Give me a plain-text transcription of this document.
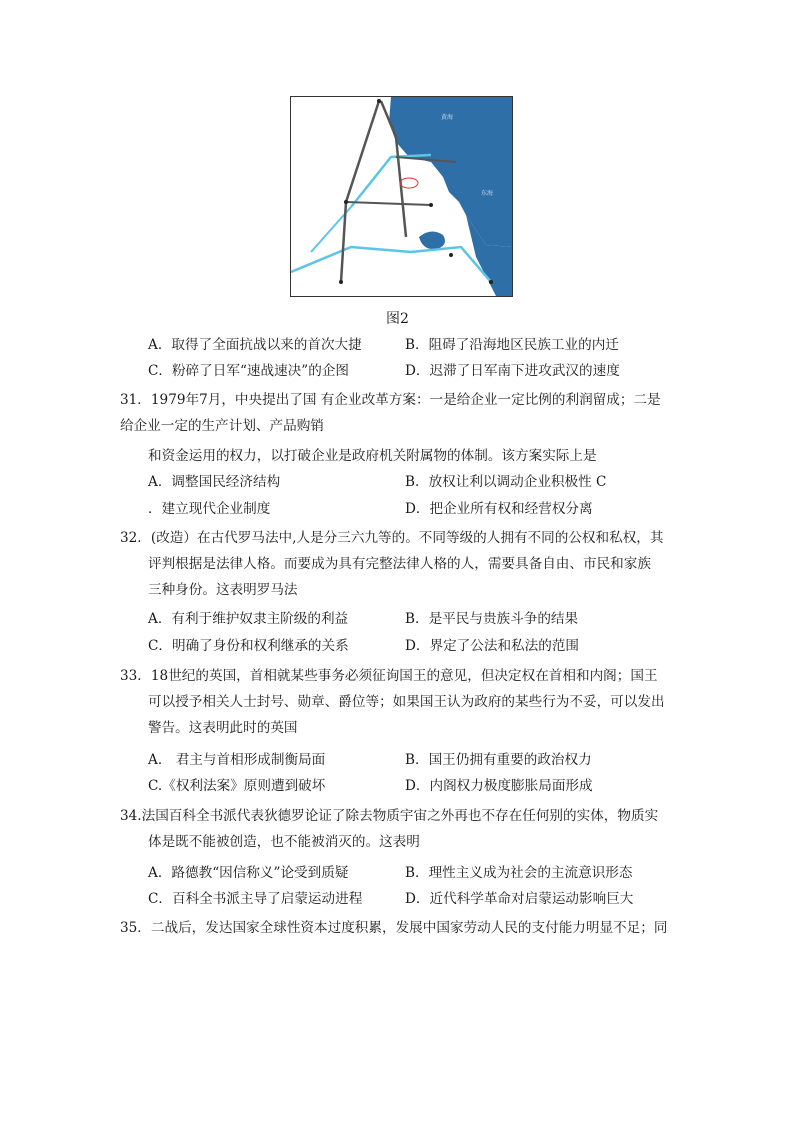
黄海
东海
图2
A．取得了全面抗战以来的首次大捷	B．阻碍了沿海地区民族工业的内迁
C．粉碎了日军“速战速决”的企图	D．迟滞了日军南下进攻武汉的速度
31．1979年7月，中央提出了国 有企业改革方案：一是给企业一定比例的利润留成；二是
给企业一定的生产计划、产品购销
和资金运用的权力，以打破企业是政府机关附属物的体制。该方案实际上是
A．调整国民经济结构	B．放权让利以调动企业积极性 C
．建立现代企业制度	D．把企业所有权和经营权分离
32．(改造）在古代罗马法中,人是分三六九等的。不同等级的人拥有不同的公权和私权，其
评判根据是法律人格。而要成为具有完整法律人格的人，需要具备自由、市民和家族
三种身份。这表明罗马法
A．有利于维护奴隶主阶级的利益	B．是平民与贵族斗争的结果
C．明确了身份和权利继承的关系	D．界定了公法和私法的范围
33．18世纪的英国，首相就某些事务必须征询国王的意见，但决定权在首相和内阁；国王
可以授予相关人士封号、勋章、爵位等；如果国王认为政府的某些行为不妥，可以发出
警告。这表明此时的英国
A． 君主与首相形成制衡局面	B．国王仍拥有重要的政治权力
C.《权利法案》原则遭到破坏	D．内阁权力极度膨胀局面形成
34.法国百科全书派代表狄德罗论证了除去物质宇宙之外再也不存在任何别的实体，物质实
体是既不能被创造，也不能被消灭的。这表明
A．路德教“因信称义”论受到质疑	B．理性主义成为社会的主流意识形态
C．百科全书派主导了启蒙运动进程	D．近代科学革命对启蒙运动影响巨大
35．二战后，发达国家全球性资本过度积累，发展中国家劳动人民的支付能力明显不足；同
